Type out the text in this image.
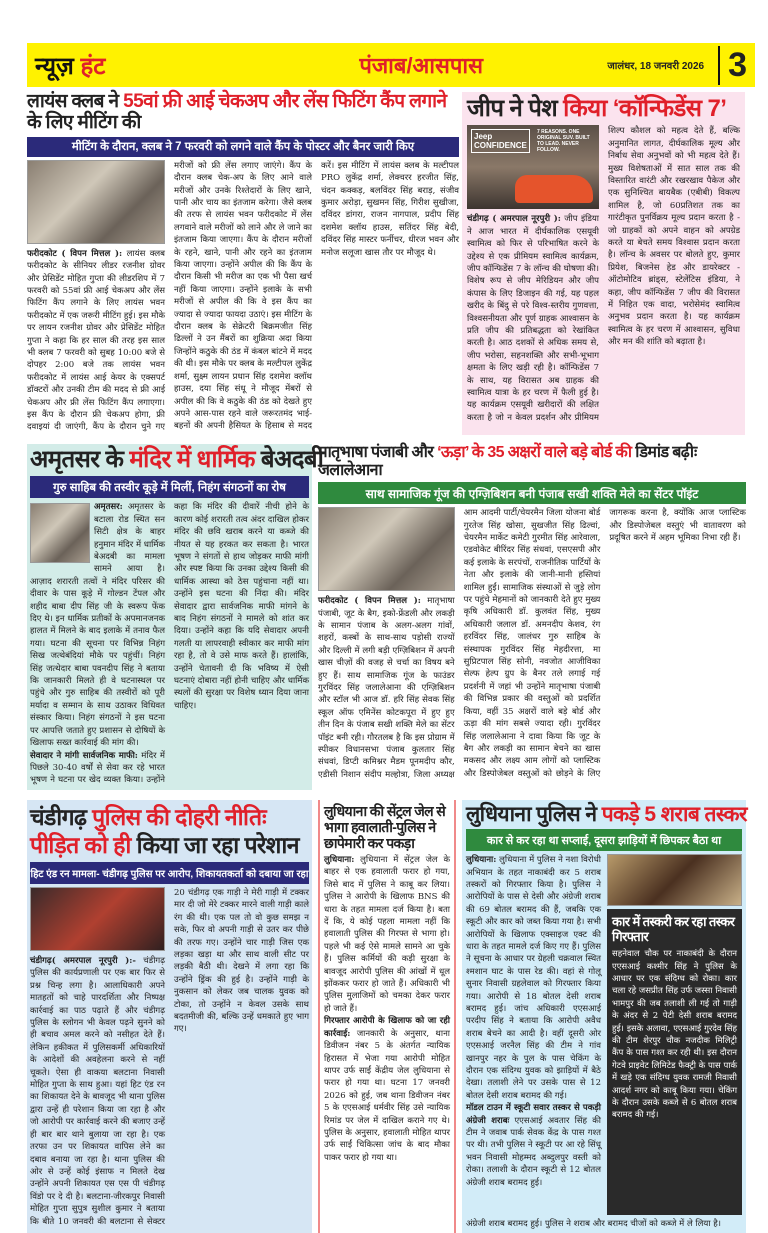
न्यूज़ हंट	पंजाब/आसपास	जालंधर, 18 जनवरी 2026 3
लायंस क्लब ने 55वां फ्री आई चेकअप और लेंस फिटिंग कैंप लगाने के लिए मीटिंग की
मीटिंग के दौरान, क्लब ने 7 फरवरी को लगने वाले कैंप के पोस्टर और बैनर जारी किए

फरीदकोट ( विपन मित्तल ): लायंस क्लब फरीदकोट के सीनियर लीडर रजनीश ग्रोवर और प्रेसिडेंट मोहित गुप्ता की लीडरशिप में 7 फरवरी को 55वां फ्री आई चेकअप और लेंस फिटिंग कैंप लगाने के लिए लायंस भवन फरीदकोट में एक जरूरी मीटिंग हुई। इस मौके पर लायन रजनीश ग्रोवर और प्रेसिडेंट मोहित गुप्ता ने कहा कि हर साल की तरह इस साल भी क्लब 7 फरवरी को सुबह 10:00 बजे से दोपहर 2:00 बजे तक लायंस भवन फरीदकोट में लायंस आई केयर के एक्सपर्ट डॉक्टरों और उनकी टीम की मदद से फ्री आई चेकअप और फ्री लेंस फिटिंग कैंप लगाएगा। इस कैंप के दौरान फ्री चेकअप होगा, फ्री दवाइयां दी जाएंगी, कैंप के दौरान चुने गए मरीजों को फ्री लेंस लगाए जाएंगे। कैंप के दौरान क्लब चेक-अप के लिए आने वाले मरीजों और उनके रिश्तेदारों के लिए खाने, पानी और चाय का इंतजाम करेगा। जैसे क्लब की तरफ से लायंस भवन फरीदकोट में लेंस लगवाने वाले मरीजों को लाने और ले जाने का इंतजाम किया जाएगा। कैंप के दौरान मरीजों के रहने, खाने, पानी और रहने का इंतजाम किया जाएगा। उन्होंने अपील की कि कैंप के दौरान किसी भी मरीज का एक भी पैसा खर्च नहीं किया जाएगा। उन्होंने इलाके के सभी मरीजों से अपील की कि वे इस कैंप का ज्यादा से ज्यादा फायदा उठाएं। इस मीटिंग के दौरान क्लब के सेक्रेटरी बिक्रमजीत सिंह ढिल्लों ने उन मैंबरों का शुक्रिया अदा किया जिन्होंने कठुके की ठंड में कंबल बांटने में मदद की थी। इस मौके पर क्लब के मल्टीपल लुकेंद्र शर्मा, सुक्ष्म लायन प्रधान सिंह दशमेश क्लॉथ हाउस, दया सिंह संधू ने मौजूद मेंबरों से अपील की कि वे कठुके की ठंड को देखते हुए अपने आस-पास रहने वाले जरूरतमंद भाई-बहनों की अपनी हैसियत के हिसाब से मदद करें। इस मीटिंग में लायंस क्लब के मल्टीपल PRO लुकेंद्र शर्मा, लेक्चरर हरजीत सिंह, चंदन कक्कड़, बलविंदर सिंह बराड़, संजीव कुमार अरोड़ा, सुखमन सिंह, गिरीश सुखीजा, दविंदर डांगरा, राजन नागपाल, प्रदीप सिंह दशमेश क्लॉथ हाउस, सतिंदर सिंह बेदी, दविंदर सिंह मास्टर फर्नीचर, धीरज भवन और मनोज सलूजा खास तौर पर मौजूद थे।

जीप ने पेश किया ‘कॉन्फिडेंस 7’
Jeep
CONFIDENCE
7 REASONS. ONE ORIGINAL SUV. BUILT TO LEAD. NEVER FOLLOW.

चंडीगढ़ ( अमरपाल नूरपुरी ): जीप इंडिया ने आज भारत में दीर्घकालिक एसयूवी स्वामित्व को फिर से परिभाषित करने के उद्देश्य से एक प्रीमियम स्वामित्व कार्यक्रम, जीप कॉन्फिडेंस 7 के लॉन्च की घोषणा की। विशेष रूप से जीप मेरिडियन और जीप कंपास के लिए डिजाइन की गई, यह पहल खरीद के बिंदु से परे विश्व-स्तरीय गुणवत्ता, विश्वसनीयता और पूर्ण ग्राहक आश्वासन के प्रति जीप की प्रतिबद्धता को रेखांकित करती है। आठ दशकों से अधिक समय से, जीप भरोसा, सहनशक्ति और सभी-भूभाग क्षमता के लिए खड़ी रही है। कॉन्फिडेंस 7 के साथ, यह विरासत अब ग्राहक की स्वामित्व यात्रा के हर चरण में फैली हुई है। यह कार्यक्रम एसयूवी खरीदारों की लक्षित करता है जो न केवल प्रदर्शन और प्रीमियम शिल्प कौशल को महत्व देते हैं, बल्कि अनुमानित लागत, दीर्घकालिक मूल्य और निर्बाध सेवा अनुभवों को भी महत्व देते हैं। मुख्य विशेषताओं में सात साल तक की विस्तारित वारंटी और रखरखाव पैकेज और एक सुनिश्चित बायबैक (एबीबी) विकल्प शामिल है, जो 60प्रतिशत तक का गारंटीकृत पुनर्विक्रय मूल्य प्रदान करता है - जो ग्राहकों को अपने वाहन को अपग्रेड करते या बेचते समय विश्वास प्रदान करता है। लॉन्च के अवसर पर बोलते हुए, कुमार प्रियेश, बिजनेस हेड और डायरेक्टर - ऑटोमोटिव ब्रांड्स, स्टेलेंटिस इंडिया, ने कहा, जीप कॉन्फिडेंस 7 जीप की विरासत में निहित एक वादा, भरोसेमंद स्वामित्व अनुभव प्रदान करता है। यह कार्यक्रम स्वामित्व के हर चरण में आश्वासन, सुविधा और मन की शांति को बढ़ाता है।

अमृतसर के मंदिर में धार्मिक बेअदबी
गुरु साहिब की तस्वीर कूड़े में मिलीं, निहंग संगठनों का रोष

अमृतसर: अमृतसर के बटाला रोड स्थित सन सिटी क्षेत्र के बाहर हनुमान मंदिर में धार्मिक बेअदबी का मामला सामने आया है। आज़ाद शरारती तत्वों ने मंदिर परिसर की दीवार के पास कूड़े में गोल्डन टेंपल और शहीद बाबा दीप सिंह जी के स्वरूप फेंक दिए थे। इन धार्मिक प्रतीकों के अपमानजनक हालत में मिलने के बाद इलाके में तनाव फैल गया। घटना की सूचना पर विभिन्न निहंग सिख जत्थेबंदियां मौके पर पहुंचीं। निहंग सिंह जत्थेदार बाबा पवनदीप सिंह ने बताया कि जानकारी मिलते ही वे घटनास्थल पर पहुंचे और गुरु साहिब की तस्वीरों को पूरी मर्यादा व सम्मान के साथ उठाकर विधिवत संस्कार किया। निहंग संगठनों ने इस घटना पर आपत्ति जताते हुए प्रशासन से दोषियों के खिलाफ सख्त कार्रवाई की मांग की।

सेवादार ने मांगी सार्वजनिक माफी: मंदिर में पिछले 30-40 वर्षों से सेवा कर रहे भारत भूषण ने घटना पर खेद व्यक्त किया। उन्होंने कहा कि मंदिर की दीवारें नीची होने के कारण कोई शरारती तत्व अंदर दाखिल होकर मंदिर की छवि खराब करने या कब्जे की नीयत से यह हरकत कर सकता है। भारत भूषण ने संगतों से हाथ जोड़कर माफी मांगी और स्पष्ट किया कि उनका उद्देश्य किसी की धार्मिक आस्था को ठेस पहुंचाना नहीं था। उन्होंने इस घटना की निंदा की। मंदिर सेवादार द्वारा सार्वजनिक माफी मांगने के बाद निहंग संगठनों ने मामले को शांत कर दिया। उन्होंने कहा कि यदि सेवादार अपनी गलती या लापरवाही स्वीकार कर माफी मांग रहा है, तो वे उसे माफ करते हैं। हालांकि, उन्होंने चेतावनी दी कि भविष्य में ऐसी घटनाएं दोबारा नहीं होनी चाहिए और धार्मिक स्थलों की सुरक्षा पर विशेष ध्यान दिया जाना चाहिए।

मातृभाषा पंजाबी और ‘ऊड़ा’ के 35 अक्षरों वाले बड़े बोर्ड की डिमांड बढ़ीः जलालेआना
साथ सामाजिक गूंज की एग्ज़िबिशन बनी पंजाब सखी शक्ति मेले का सेंटर पॉइंट

फरीदकोट ( विपन मित्तल ): मातृभाषा पंजाबी, जूट के बैग, इको-फ्रेंडली और लकड़ी के सामान पंजाब के अलग-अलग गांवों, शहरों, कस्बों के साथ-साथ पड़ोसी राज्यों और दिल्ली में लगी बड़ी एग्ज़िबिशन में अपनी खास चीज़ों की वजह से चर्चा का विषय बने हुए हैं। साथ सामाजिक गूंज के फाउंडर गुरविंदर सिंह जलालेआना की एग्ज़िबिशन और स्टॉल भी आज डॉ. हरि सिंह सेवक सिंह स्कूल ऑफ एमिनेंस कोटकपूरा में हुए हुए तीन दिन के पंजाब सखी शक्ति मेले का सेंटर पॉइंट बनी रही। गौरतलब है कि इस प्रोग्राम में स्पीकर विधानसभा पंजाब कुलतार सिंह संधवां, डिप्टी कमिश्नर मैडम पूनमदीप कौर, एडीसी निशान संदीप मल्होत्रा, जिला अध्यक्ष आम आदमी पार्टी/चेयरमैन जिला योजना बोर्ड गुरतेज सिंह खोसा, सुखजीत सिंह ढिल्वां, चेयरमैन मार्केट कमेटी गुरमीत सिंह आरेवाला, एडवोकेट बीरिंदर सिंह संधवां, एसएसपी और कई इलाके के सरपंचों, राजनीतिक पार्टियों के नेता और इलाके की जानी-मानी हस्तियां शामिल हुईं। सामाजिक संस्थाओं से जुड़े लोग पर पहुंचे मेहमानों को जानकारी देते हुए मुख्य कृषि अधिकारी डॉ. कुलवंत सिंह, मुख्य अधिकारी जलाल डॉ. अमनदीप केशव, रंग हरविंदर सिंह, जालंधर गुरु साहिब के संस्थापक गुरविंदर सिंह मेहदीरत्ता, मा सुप्रिटपाल सिंह सोनी, नवजोत आजीविका सेल्फ हेल्प ग्रुप के बैनर तले लगाई गई प्रदर्शनी में जहां भी उन्होंने मातृभाषा पंजाबी की विभिन्न प्रकार की वस्तुओं को प्रदर्शित किया, वहीं 35 अक्षरों वाले बड़े बोर्ड और ऊड़ा की मांग सबसे ज्यादा रही। गुरविंदर सिंह जलालेआना ने दावा किया कि जूट के बैग और लकड़ी का सामान बेचने का खास मकसद और लक्ष्य आम लोगों को प्लास्टिक और डिस्पोजेबल वस्तुओं को छोड़ने के लिए जागरूक करना है, क्योंकि आज प्लास्टिक और डिस्पोजेबल वस्तुएं भी वातावरण को प्रदूषित करने में अहम भूमिका निभा रही हैं।

चंडीगढ़ पुलिस की दोहरी नीतिः
पीड़ित को ही किया जा रहा परेशान
हिट एंड रन मामला- चंडीगढ़ पुलिस पर आरोप, शिकायतकर्ता को दबाया जा रहा

चंडीगढ़( अमरपाल नूरपुरी ):- चंडीगढ़ पुलिस की कार्यप्रणाली पर एक बार फिर से प्रश्न चिन्ह लगा है। आलाधिकारी अपने मातहतों को चाहे पारदर्शिता और निष्पक्ष कार्रवाई का पाठ पढ़ाते हैं और चंडीगढ़ पुलिस के स्लोगन भी केवल पढ़ने सुनने को ही बचाव अमल करने को नसीहत देते हैं। लेकिन हकीकत में पुलिसकर्मी अधिकारियों के आदेशों की अवहेलना करने से नहीं चूकते। ऐसा ही वाकया बलटाना निवासी मोहित गुप्ता के साथ हुआ। यहां हिट एंड रन का शिकायत देने के बावजूद भी थाना पुलिस द्वारा उन्हें ही परेशान किया जा रहा है और जो आरोपी पर कार्रवाई करने की बजाए उन्हें ही बार बार थाने बुलाया जा रहा है। एक तरफा उन पर शिकायत वापिस लेने का दबाव बनाया जा रहा है। थाना पुलिस की ओर से उन्हें कोई इंसाफ न मिलते देख उन्होंने अपनी शिकायत एस एस पी चंडीगढ़ विंडो पर दे दी है। बलटाना-जीरकपुर निवासी मोहित गुप्ता सुपुत्र सुशील कुमार ने बताया कि बीते 10 जनवरी की बलटाना से सेक्टर 20 चंडीगढ़ एक गाड़ी ने मेरी गाड़ी में टक्कर मार दी जो मेरे टक्कर मारने वाली गाड़ी काले रंग की थी। एक पल तो वो कुछ समझ न सके, फिर वो अपनी गाड़ी से उतर कर पीछे की तरफ गए। उन्होंने चार गाड़ी जिस एक लड़का खड़ा था और साथ वाली सीट पर लड़की बैठी थी। देखने में लगा रहा कि उन्होंने ड्रिंक की हुई है। उन्होंने गाड़ी के नुकसान को लेकर जब चालक युवक को टोका, तो उन्होंने न केवल उसके साथ बदतमीजी की, बल्कि उन्हें धमकाते हुए भाग गए।

लुधियाना की सेंट्रल जेल से भागा हवालाती-पुलिस ने छापेमारी कर पकड़ा

लुधियाना: लुधियाना में सेंट्रल जेल के बाहर से एक हवालाती फरार हो गया, जिसे बाद में पुलिस ने काबू कर लिया। पुलिस ने आरोपी के खिलाफ BNS की धारा के तहत मामला दर्ज किया है। बता दें कि, ये कोई पहला मामला नहीं कि हवालाती पुलिस की गिरफ्त से भागा हो। पहले भी कई ऐसे मामले सामने आ चुके हैं। पुलिस कर्मियों की कड़ी सुरक्षा के बावजूद आरोपी पुलिस की आंखों में धूल झोंककर फरार हो जाते हैं। अधिकारी भी पुलिस मुलाजिमों को चमका देकर फरार हो जाते हैं।

गिरफ्तार आरोपी के खिलाफ को जा रही कार्रवाई: जानकारी के अनुसार, थाना डिवीजन नंबर 5 के अंतर्गत न्यायिक हिरासत में भेजा गया आरोपी मोहित थापर उर्फ साईं केंद्रीय जेल लुधियाना से फरार हो गया था। घटना 17 जनवरी 2026 को हुई, जब थाना डिवीजन नंबर 5 के एएसआई धर्मवीर सिंह उसे न्यायिक रिमांड पर जेल में दाखिल कराने गए थे। पुलिस के अनुसार, हवालाती मोहित थापर उर्फ साईं चिकित्सा जांच के बाद मौका पाकर फरार हो गया था।

लुधियाना पुलिस ने पकड़े 5 शराब तस्कर
कार से कर रहा था सप्लाई, दूसरा झाड़ियों में छिपकर बैठा था

लुधियाना: लुधियाना में पुलिस ने नशा विरोधी अभियान के तहत नाकाबंदी कर 5 शराब तस्करों को गिरफ्तार किया है। पुलिस ने आरोपियों के पास से देसी और अंग्रेजी शराब की 69 बोतल बरामद की हैं, जबकि एक स्कूटी और कार को जब्त किया गया है। सभी आरोपियों के खिलाफ एक्साइज एक्ट की धारा के तहत मामले दर्ज किए गए हैं। पुलिस ने सूचना के आधार पर ग्रेहली चक्रवाल स्थित श्मशान घाट के पास रेड की। वहां से गोलू सुनार निवासी ग्रहलेवाल को गिरफ्तार किया गया। आरोपी से 18 बोतल देसी शराब बरामद हुई। जांच अधिकारी एएसआई परदीप सिंह ने बताया कि आरोपी अवैध शराब बेचने का आदी है। वहीं दूसरी ओर एएसआई जरनैल सिंह की टीम ने गांव खानपुर नहर के पुल के पास चेकिंग के दौरान एक संदिग्ध युवक को झाड़ियों में बैठे देखा। तलाशी लेने पर उसके पास से 12 बोतल देसी शराब बरामद की गई।

मॉडल टाउन में स्कूटी सवार तस्कर से पकड़ी अंग्रेजी शराबः एएसआई अवतार सिंह की टीम ने जवाब पार्क सेवक केंद्र के पास गश्त पर थी। तभी पुलिस ने स्कूटी पर आ रहे सिंधू भवन निवासी मोहम्मद अब्दुलपुर वस्ती को रोका। तलाशी के दौरान स्कूटी से 12 बोतल अंग्रेजी शराब बरामद हुई।

कार में तस्करी कर रहा तस्कर गिरफ्तार
सहनेवाल चौक पर नाकाबंदी के दौरान एएसआई कश्मीर सिंह ने पुलिस के आधार पर एक संदिग्ध को रोका। कार चला रहे जसप्रीत सिंह उर्फ जस्सा निवासी भामपुर की जब तलाशी ली गई तो गाड़ी के अंदर से 2 पेटी देसी शराब बरामद हुई। इसके अलावा, एएसआई गुरदेव सिंह की टीम शेरपुर चौक नजदीक मिलिट्री कैंप के पास गश्त कर रही थी। इस दौरान गेटवे प्राइवेट लिमिटेड फैक्ट्री के पास पार्क में खड़े एक संदिग्ध युवक रामजी निवासी आदर्श नगर को काबू किया गया। चेकिंग के दौरान उसके कब्जे से 6 बोतल शराब बरामद की गई।
अंग्रेजी शराब बरामद हुई। पुलिस ने शराब और बरामद चीजों को कब्जे में ले लिया है।
